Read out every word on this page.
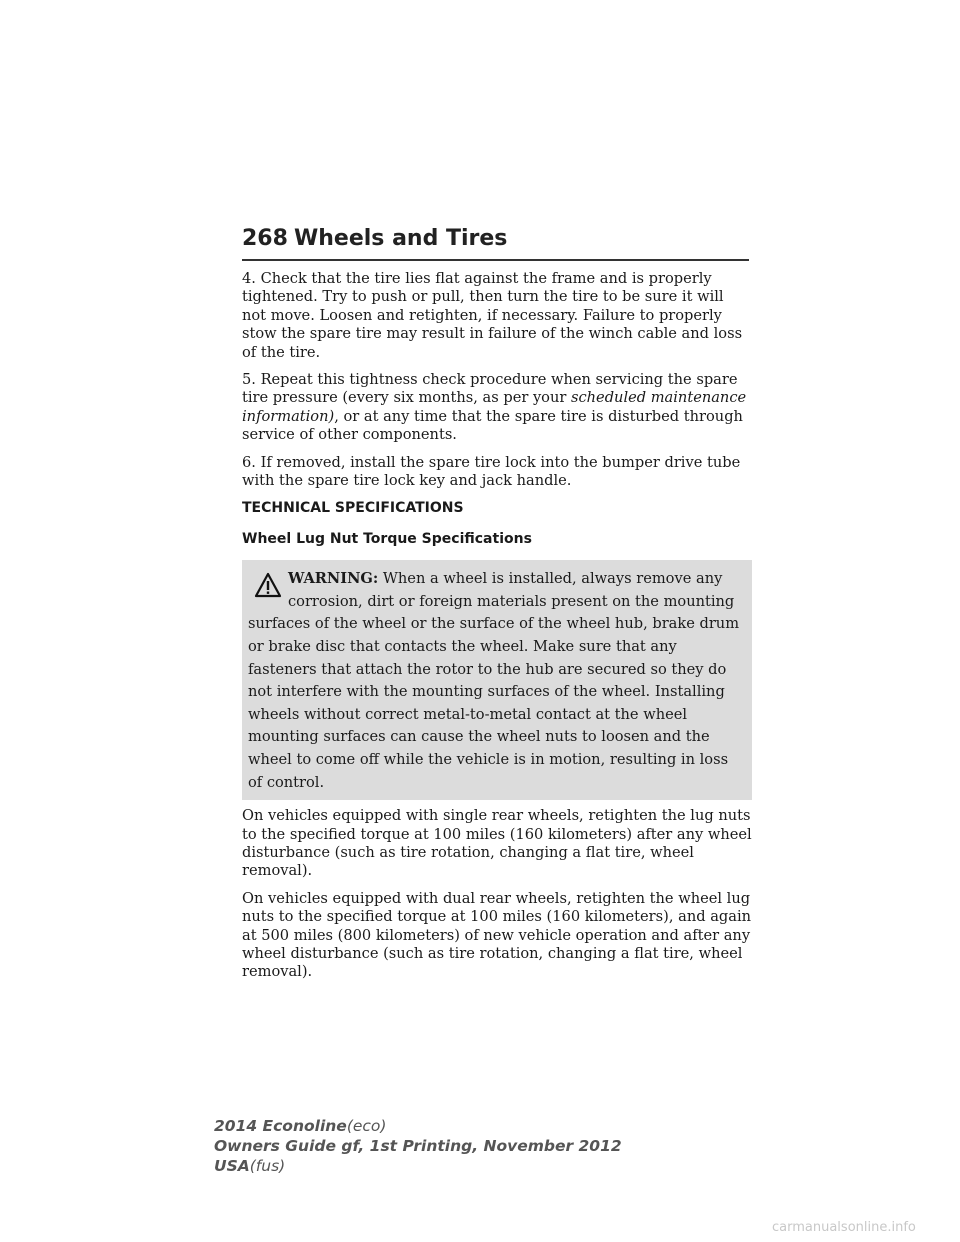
268 Wheels and Tires

4. Check that the tire lies flat against the frame and is properly tightened. Try to push or pull, then turn the tire to be sure it will not move. Loosen and retighten, if necessary. Failure to properly stow the spare tire may result in failure of the winch cable and loss of the tire.

5. Repeat this tightness check procedure when servicing the spare tire pressure (every six months, as per your scheduled maintenance information), or at any time that the spare tire is disturbed through service of other components.

6. If removed, install the spare tire lock into the bumper drive tube with the spare tire lock key and jack handle.

TECHNICAL SPECIFICATIONS

Wheel Lug Nut Torque Specifications

WARNING: When a wheel is installed, always remove any corrosion, dirt or foreign materials present on the mounting
surfaces of the wheel or the surface of the wheel hub, brake drum or brake disc that contacts the wheel. Make sure that any fasteners that attach the rotor to the hub are secured so they do not interfere with the mounting surfaces of the wheel. Installing wheels without correct metal-to-metal contact at the wheel mounting surfaces can cause the wheel nuts to loosen and the wheel to come off while the vehicle is in motion, resulting in loss of control.

On vehicles equipped with single rear wheels, retighten the lug nuts to the specified torque at 100 miles (160 kilometers) after any wheel disturbance (such as tire rotation, changing a flat tire, wheel removal).

On vehicles equipped with dual rear wheels, retighten the wheel lug nuts to the specified torque at 100 miles (160 kilometers), and again at 500 miles (800 kilometers) of new vehicle operation and after any wheel disturbance (such as tire rotation, changing a flat tire, wheel removal).

2014 Econoline(eco)
Owners Guide gf, 1st Printing, November 2012
USA(fus)
carmanualsonline.info
